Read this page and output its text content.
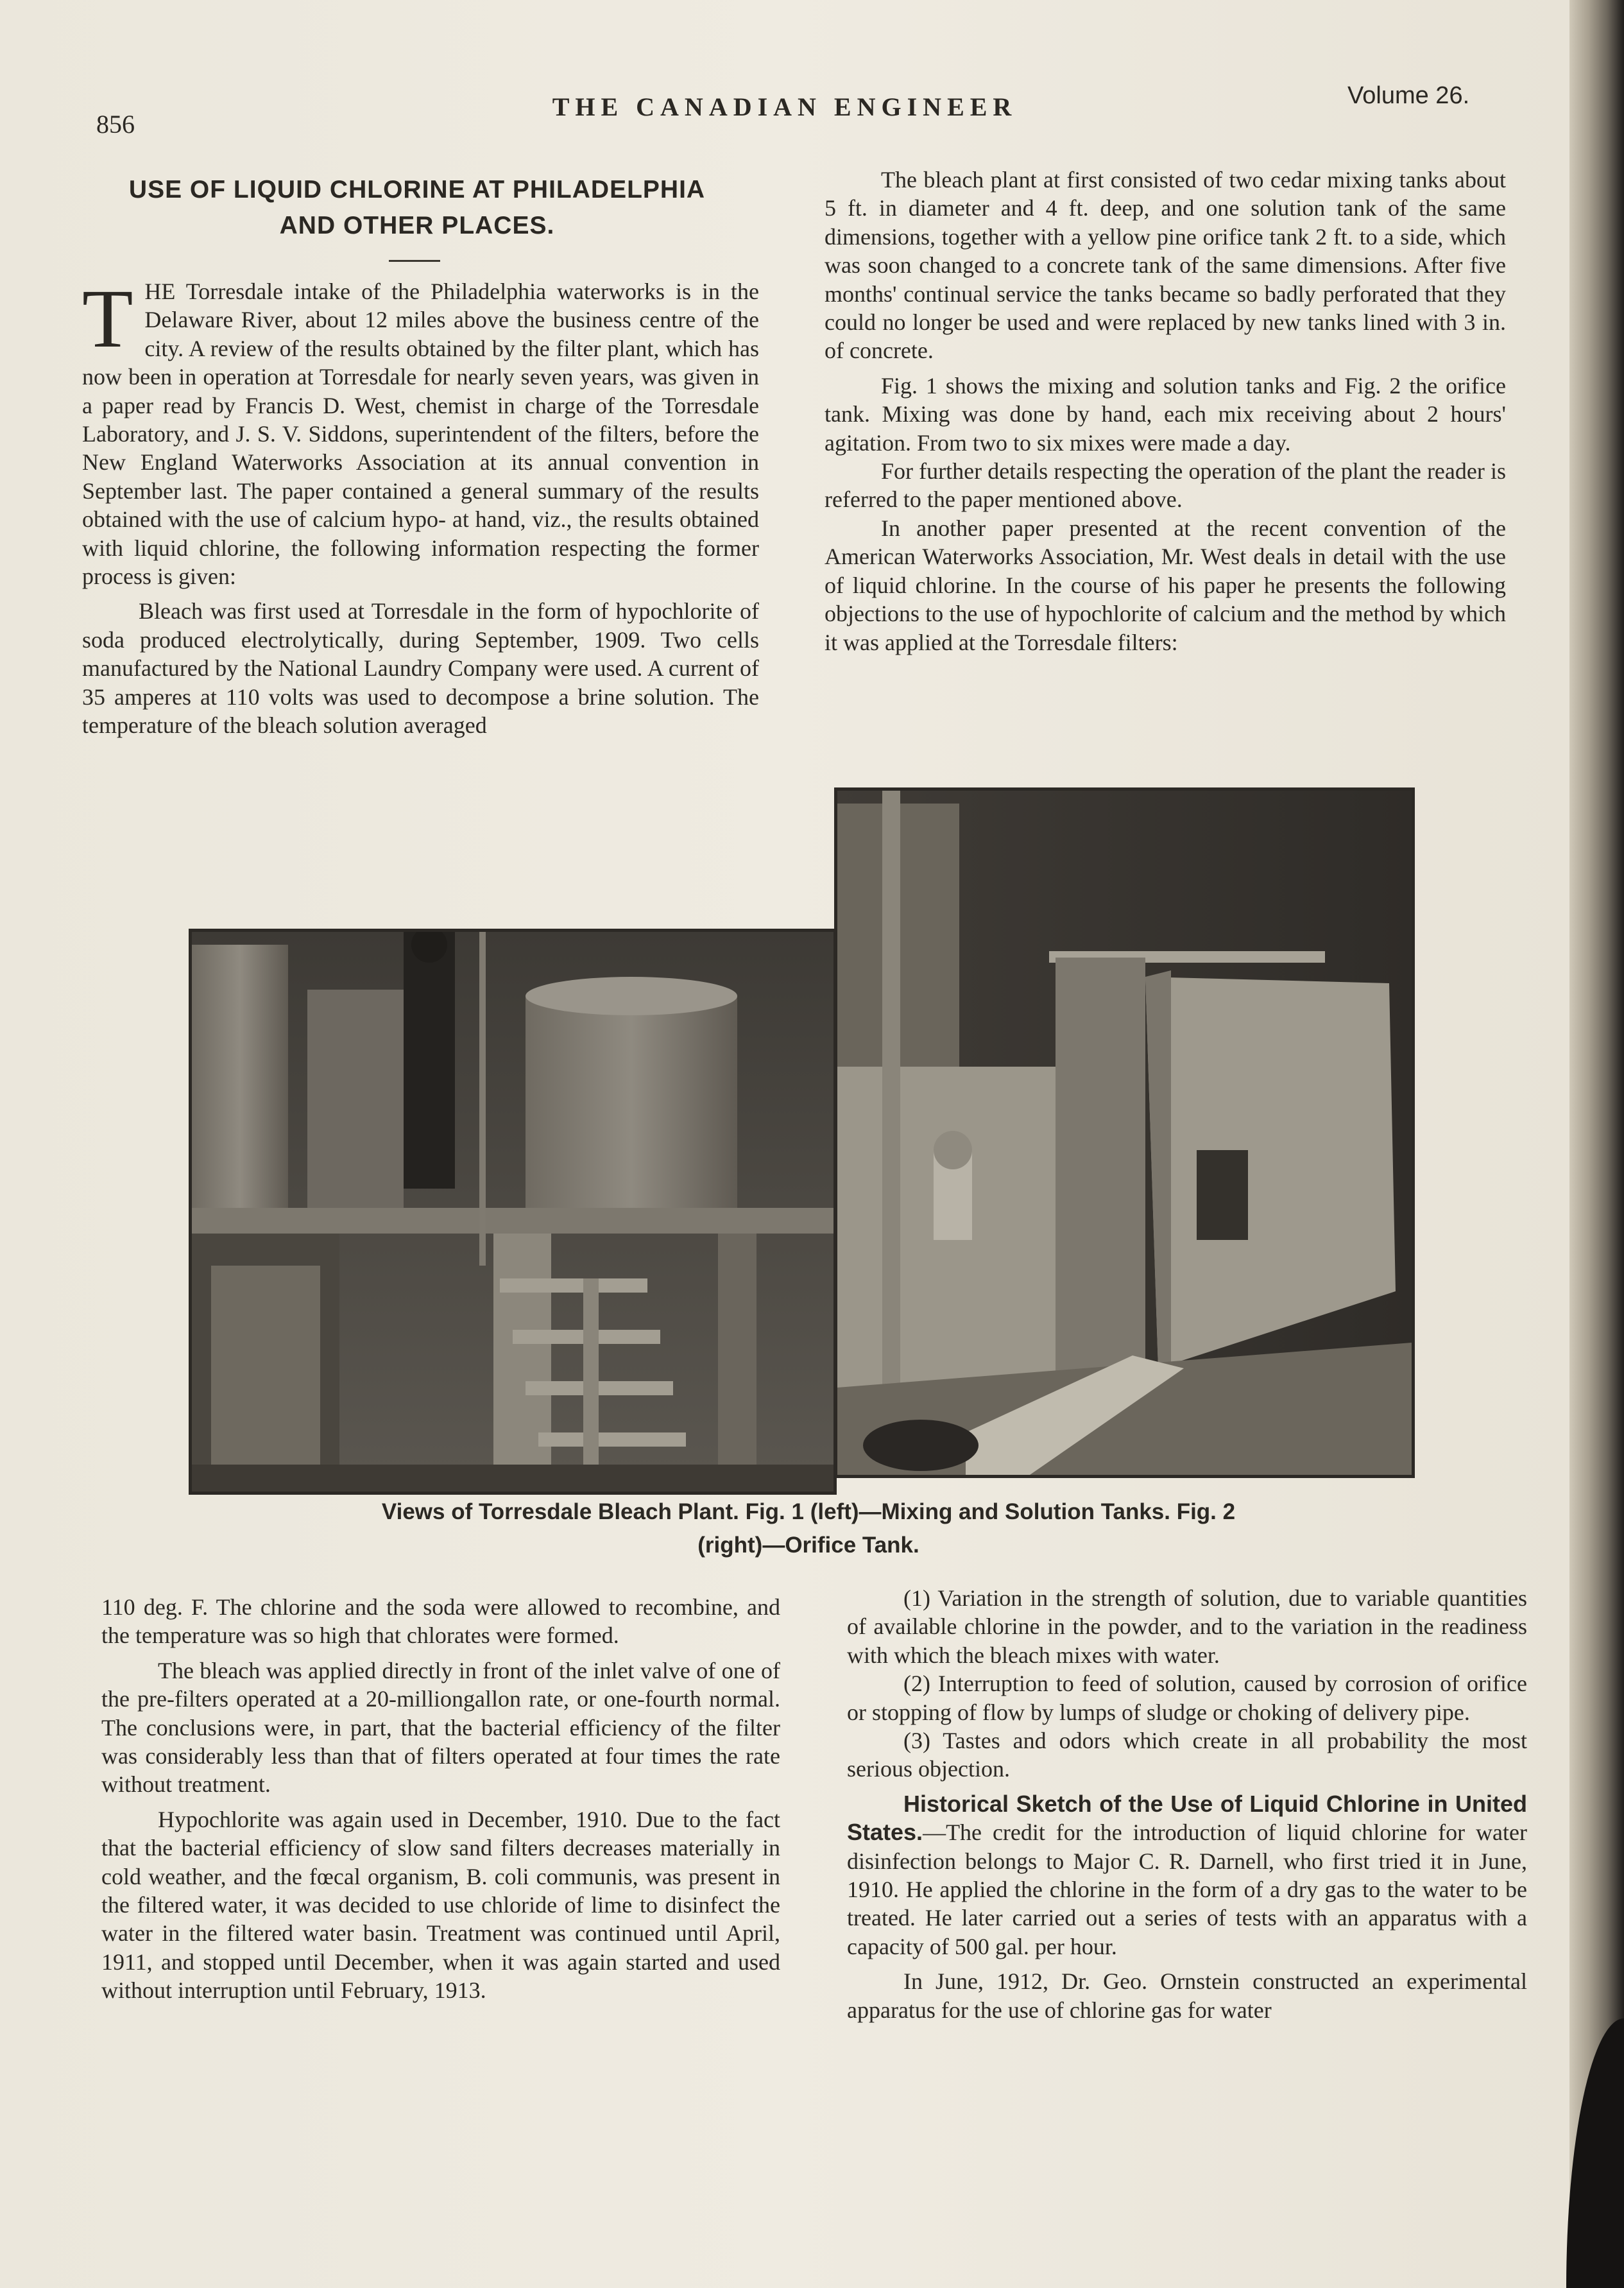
856
THE CANADIAN ENGINEER	Volume 26.
USE OF LIQUID CHLORINE AT PHILADELPHIA
AND OTHER PLACES.

THE Torresdale intake of the Philadelphia waterworks is in the Delaware River, about 12 miles above the business centre of the city. A review of the results obtained by the filter plant, which has now been in operation at Torresdale for nearly seven years, was given in a paper read by Francis D. West, chemist in charge of the Torresdale Laboratory, and J. S. V. Siddons, superintendent of the filters, before the New England Waterworks Association at its annual convention in September last. The paper contained a general summary of the results obtained with the use of calcium hypo- at hand, viz., the results obtained with liquid chlorine, the following information respecting the former process is given:

Bleach was first used at Torresdale in the form of hypochlorite of soda produced electrolytically, during September, 1909. Two cells manufactured by the National Laundry Company were used. A current of 35 amperes at 110 volts was used to decompose a brine solution. The temperature of the bleach solution averaged

The bleach plant at first consisted of two cedar mixing tanks about 5 ft. in diameter and 4 ft. deep, and one solution tank of the same dimensions, together with a yellow pine orifice tank 2 ft. to a side, which was soon changed to a concrete tank of the same dimensions. After five months' continual service the tanks became so badly perforated that they could no longer be used and were replaced by new tanks lined with 3 in. of concrete.

Fig. 1 shows the mixing and solution tanks and Fig. 2 the orifice tank. Mixing was done by hand, each mix receiving about 2 hours' agitation. From two to six mixes were made a day.

For further details respecting the operation of the plant the reader is referred to the paper mentioned above.

In another paper presented at the recent convention of the American Waterworks Association, Mr. West deals in detail with the use of liquid chlorine. In the course of his paper he presents the following objections to the use of hypochlorite of calcium and the method by which it was applied at the Torresdale filters:

Views of Torresdale Bleach Plant. Fig. 1 (left)—Mixing and Solution Tanks. Fig. 2
(right)—Orifice Tank.

110 deg. F. The chlorine and the soda were allowed to recombine, and the temperature was so high that chlorates were formed.

The bleach was applied directly in front of the inlet valve of one of the pre-filters operated at a 20-milliongallon rate, or one-fourth normal. The conclusions were, in part, that the bacterial efficiency of the filter was considerably less than that of filters operated at four times the rate without treatment.

Hypochlorite was again used in December, 1910. Due to the fact that the bacterial efficiency of slow sand filters decreases materially in cold weather, and the fœcal organism, B. coli communis, was present in the filtered water, it was decided to use chloride of lime to disinfect the water in the filtered water basin. Treatment was continued until April, 1911, and stopped until December, when it was again started and used without interruption until February, 1913.

(1) Variation in the strength of solution, due to variable quantities of available chlorine in the powder, and to the variation in the readiness with which the bleach mixes with water.

(2) Interruption to feed of solution, caused by corrosion of orifice or stopping of flow by lumps of sludge or choking of delivery pipe.

(3) Tastes and odors which create in all probability the most serious objection.

Historical Sketch of the Use of Liquid Chlorine in United States.—The credit for the introduction of liquid chlorine for water disinfection belongs to Major C. R. Darnell, who first tried it in June, 1910. He applied the chlorine in the form of a dry gas to the water to be treated. He later carried out a series of tests with an apparatus with a capacity of 500 gal. per hour.

In June, 1912, Dr. Geo. Ornstein constructed an experimental apparatus for the use of chlorine gas for water
